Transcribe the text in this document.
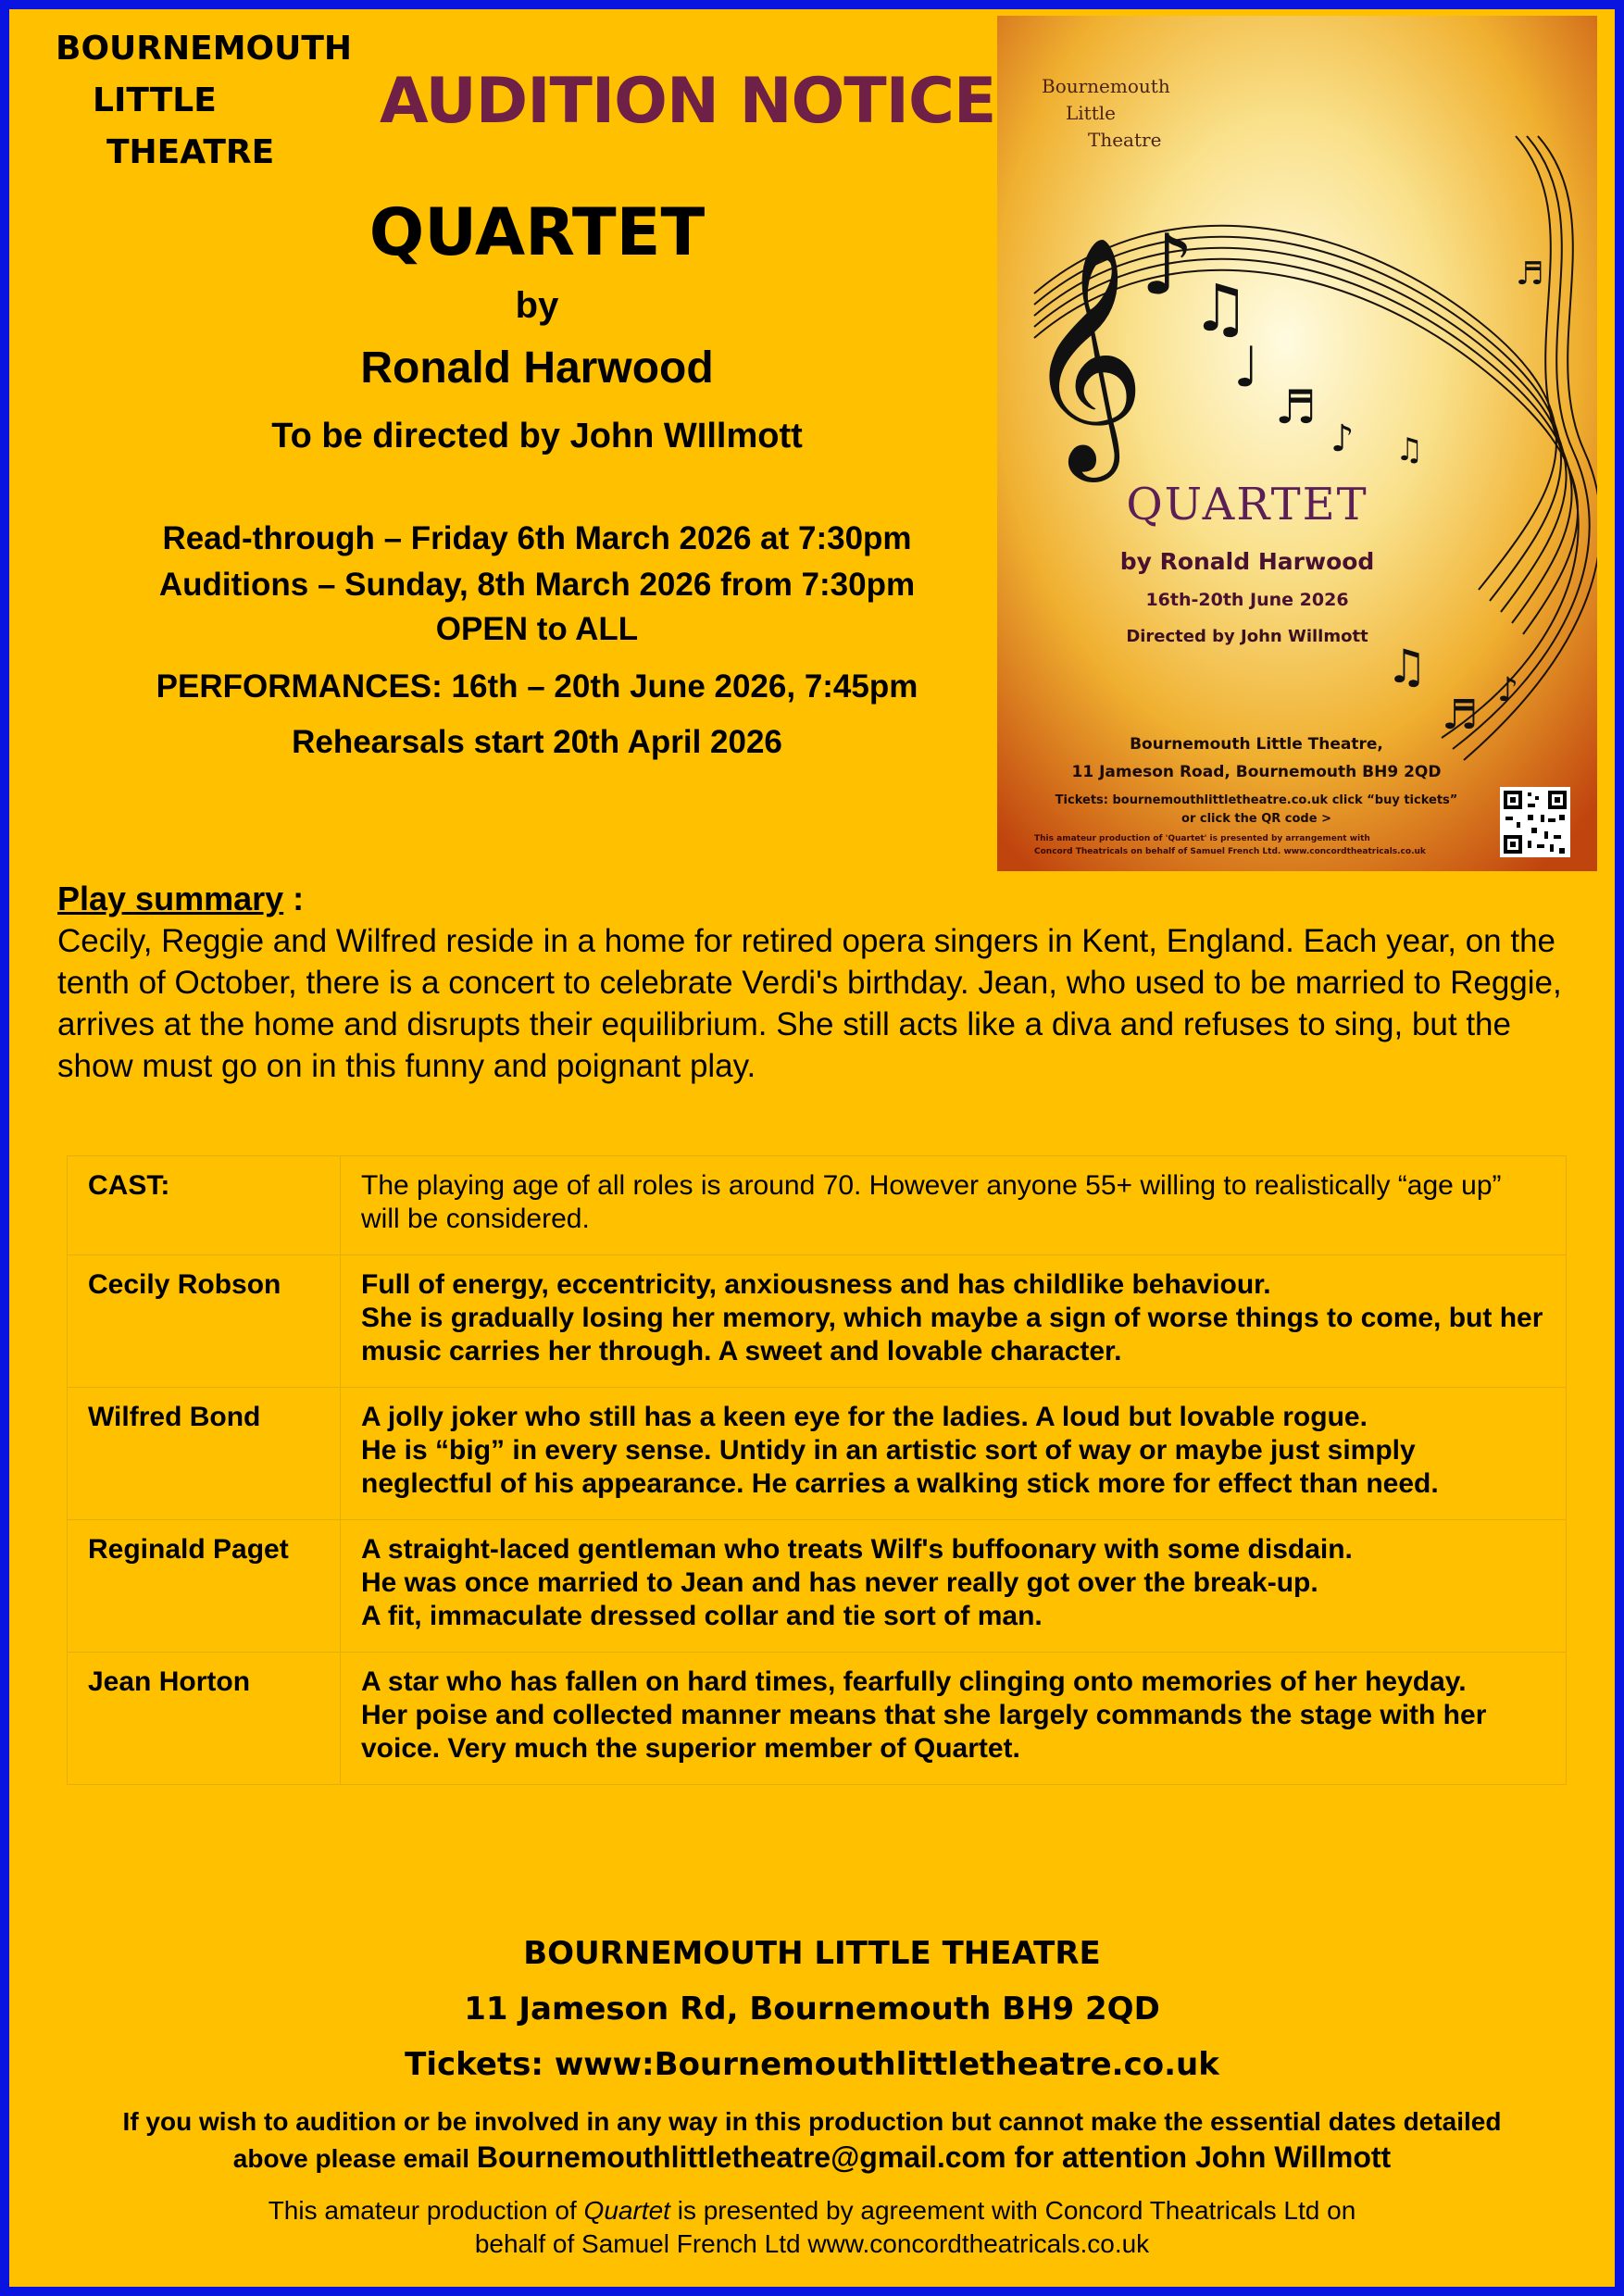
BOURNEMOUTH
LITTLE
THEATRE
AUDITION NOTICE
QUARTET
by
Ronald Harwood
To be directed by John WIllmott
Read-through – Friday 6th March 2026 at 7:30pm
Auditions – Sunday, 8th March 2026 from 7:30pm
OPEN to ALL
PERFORMANCES: 16th – 20th June 2026, 7:45pm
Rehearsals start 20th April 2026
𝄞
♪
♫
♩
♬
♪ ♫
♬
♫
♬
♪
Bournemouth
Little
Theatre
QUARTET
by Ronald Harwood
16th-20th June 2026
Directed by John Willmott
Bournemouth Little Theatre,
11 Jameson Road, Bournemouth BH9 2QD
Tickets: bournemouthlittletheatre.co.uk click “buy tickets”
or click the QR code >
This amateur production of 'Quartet' is presented by arrangement with
Concord Theatricals on behalf of Samuel French Ltd. www.concordtheatricals.co.uk
Play summary :
Cecily, Reggie and Wilfred reside in a home for retired opera singers in Kent, England. Each year, on the tenth of October, there is a concert to celebrate Verdi's birthday. Jean, who used to be married to Reggie, arrives at the home and disrupts their equilibrium. She still acts like a diva and refuses to sing, but the show must go on in this funny and poignant play.
CAST:	The playing age of all roles is around 70. However anyone 55+ willing to realistically “age up” will be considered.

Cecily Robson	Full of energy, eccentricity, anxiousness and has childlike behaviour.
She is gradually losing her memory, which maybe a sign of worse things to come, but her music carries her through. A sweet and lovable character.

Wilfred Bond	A jolly joker who still has a keen eye for the ladies. A loud but lovable rogue.
He is “big” in every sense. Untidy in an artistic sort of way or maybe just simply neglectful of his appearance. He carries a walking stick more for effect than need.

Reginald Paget	A straight-laced gentleman who treats Wilf's buffoonary with some disdain.
He was once married to Jean and has never really got over the break-up.
A fit, immaculate dressed collar and tie sort of man.

Jean Horton	A star who has fallen on hard times, fearfully clinging onto memories of her heyday.
Her poise and collected manner means that she largely commands the stage with her voice. Very much the superior member of Quartet.
BOURNEMOUTH LITTLE THEATRE
11 Jameson Rd, Bournemouth BH9 2QD
Tickets: www:Bournemouthlittletheatre.co.uk
If you wish to audition or be involved in any way in this production but cannot make the essential dates detailed
above please email Bournemouthlittletheatre@gmail.com for attention John Willmott
This amateur production of Quartet is presented by agreement with Concord Theatricals Ltd on
behalf of Samuel French Ltd www.concordtheatricals.co.uk
